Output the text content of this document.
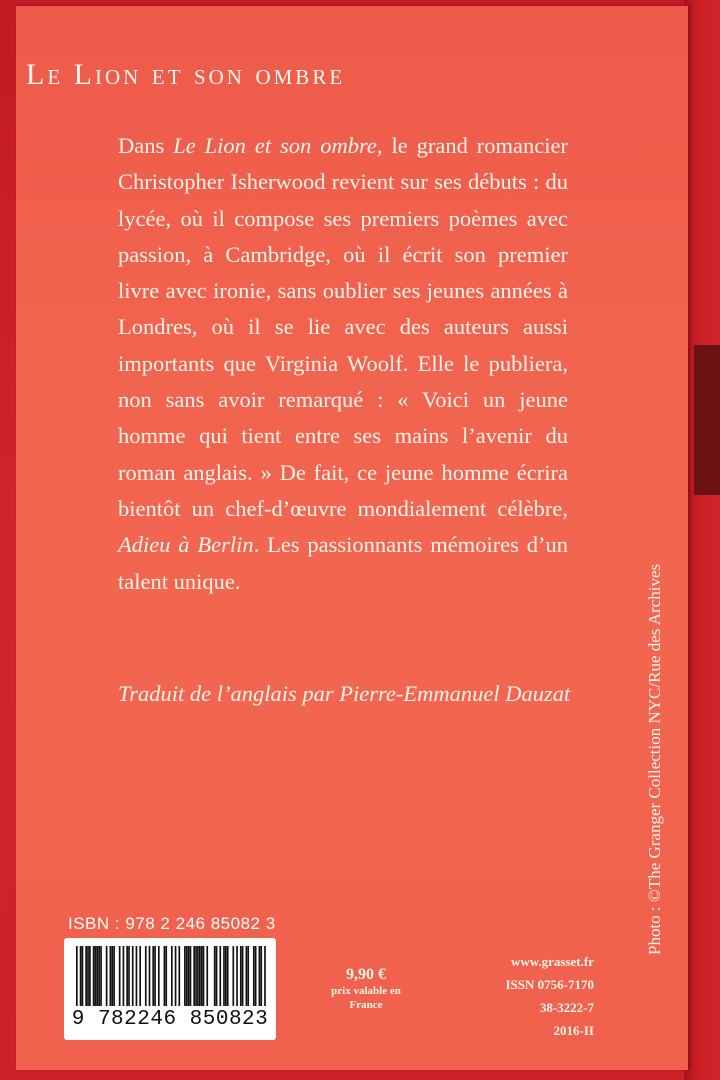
Le Lion et son ombre
Dans Le Lion et son ombre, le grand romancier Christopher Isherwood revient sur ses débuts : du lycée, où il compose ses premiers poèmes avec passion, à Cambridge, où il écrit son premier livre avec ironie, sans oublier ses jeunes années à Londres, où il se lie avec des auteurs aussi importants que Virginia Woolf. Elle le publiera, non sans avoir remarqué : « Voici un jeune homme qui tient entre ses mains l’avenir du roman anglais. » De fait, ce jeune homme écrira bientôt un chef-d’œuvre mondialement célèbre, Adieu à Berlin. Les passionnants mémoires d’un talent unique.
Traduit de l’anglais par Pierre-Emmanuel Dauzat	Photo : ©The Granger Collection NYC/Rue des Archives
ISBN : 978 2 246 85082 3
9 782246 850823
9,90 €
prix valable en
France
www.grasset.fr
ISSN 0756-7170
38-3222-7
2016-II
